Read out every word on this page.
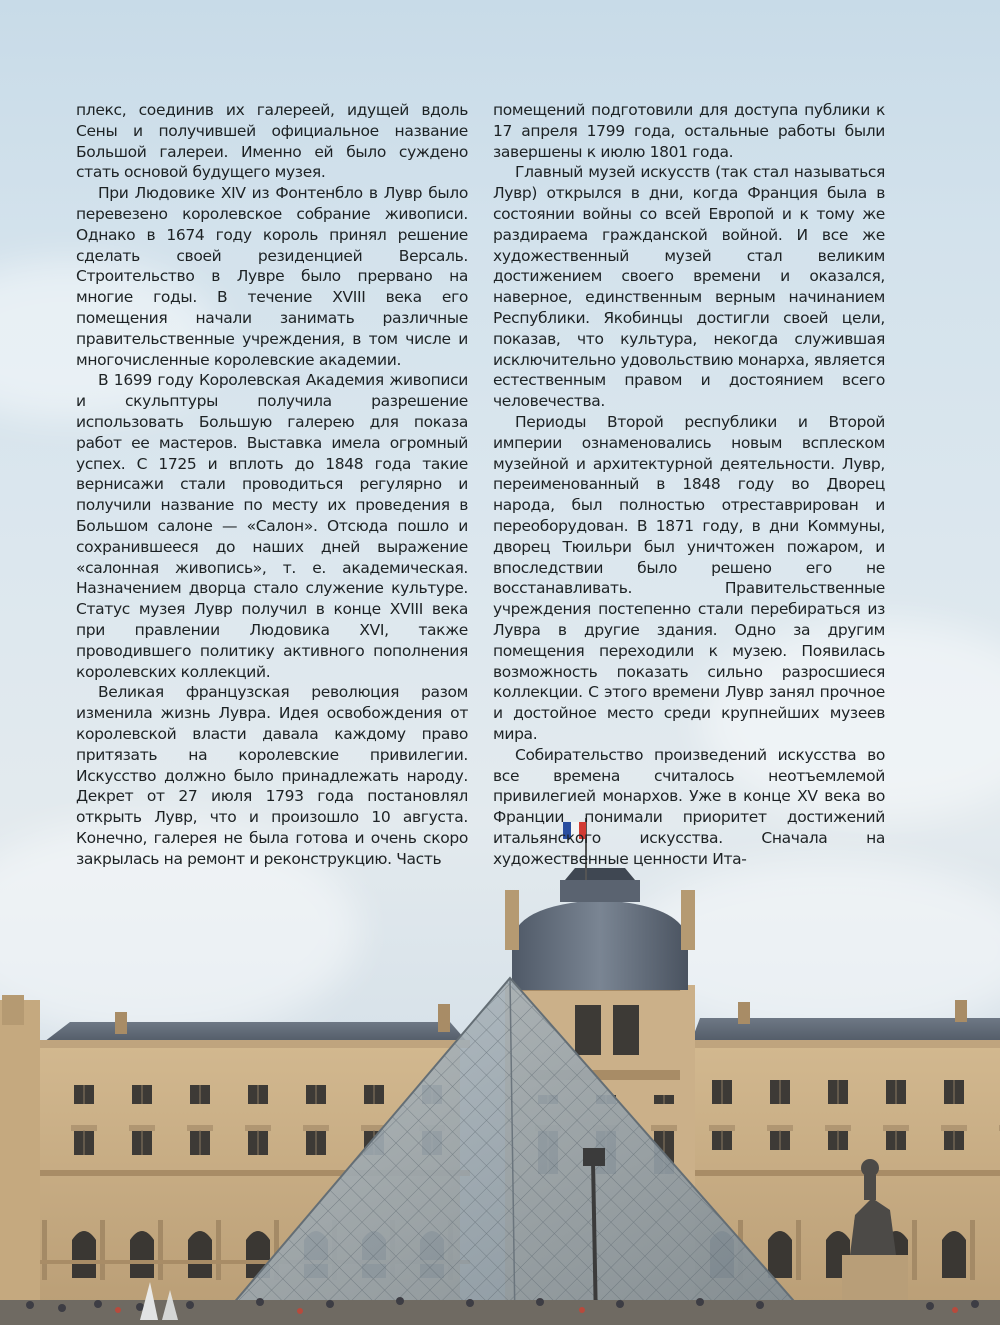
плекс, соединив их галереей, идущей вдоль Сены и получившей официальное название Большой галереи. Именно ей было суждено стать основой будущего музея.

При Людовике XIV из Фонтенбло в Лувр было перевезено королевское собрание живописи. Однако в 1674 году король принял решение сделать своей резиденцией Версаль. Строительство в Лувре было прервано на многие годы. В течение XVIII века его помещения начали занимать различные правительственные учреждения, в том числе и многочисленные королевские академии.

В 1699 году Королевская Академия живописи и скульптуры получила разрешение использовать Большую галерею для показа работ ее мастеров. Выставка имела огромный успех. С 1725 и вплоть до 1848 года такие вернисажи стали проводиться регулярно и получили название по месту их проведения в Большом салоне — «Салон». Отсюда пошло и сохранившееся до наших дней выражение «салонная живопись», т. е. академическая. Назначением дворца стало служение культуре. Статус музея Лувр получил в конце XVIII века при правлении Людовика XVI, также проводившего политику активного пополнения королевских коллекций.

Великая французская революция разом изменила жизнь Лувра. Идея освобождения от королевской власти давала каждому право притязать на королевские привилегии. Искусство должно было принадлежать народу. Декрет от 27 июля 1793 года постановлял открыть Лувр, что и произошло 10 августа. Конечно, галерея не была готова и очень скоро закрылась на ремонт и реконструкцию. Часть

помещений подготовили для доступа публики к 17 апреля 1799 года, остальные работы были завершены к июлю 1801 года.

Главный музей искусств (так стал называться Лувр) открылся в дни, когда Франция была в состоянии войны со всей Европой и к тому же раздираема гражданской войной. И все же художественный музей стал великим достижением своего времени и оказался, наверное, единственным верным начинанием Республики. Якобинцы достигли своей цели, показав, что культура, некогда служившая исключительно удовольствию монарха, является естественным правом и достоянием всего человечества.

Периоды Второй республики и Второй империи ознаменовались новым всплеском музейной и архитектурной деятельности. Лувр, переименованный в 1848 году во Дворец народа, был полностью отреставрирован и переоборудован. В 1871 году, в дни Коммуны, дворец Тюильри был уничтожен пожаром, и впоследствии было решено его не восстанавливать. Правительственные учреждения постепенно стали перебираться из Лувра в другие здания. Одно за другим помещения переходили к музею. Появилась возможность показать сильно разросшиеся коллекции. С этого времени Лувр занял прочное и достойное место среди крупнейших музеев мира.

Собирательство произведений искусства во все времена считалось неотъемлемой привилегией монархов. Уже в конце XV века во Франции понимали приоритет достижений итальянского искусства. Сначала на художественные ценности Ита-
